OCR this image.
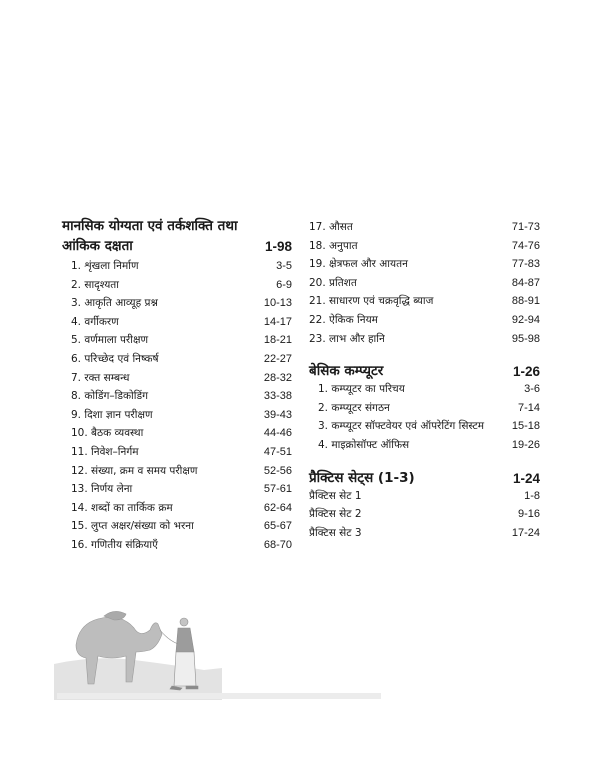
मानसिक योग्यता एवं तर्कशक्ति तथा
आंकिक दक्षता	1-98
1. शृंखला निर्माण	3-5
2. सादृश्यता	6-9
3. आकृति आव्यूह प्रश्न	10-13
4. वर्गीकरण	14-17
5. वर्णमाला परीक्षण	18-21
6. परिच्छेद एवं निष्कर्ष	22-27
7. रक्त सम्बन्ध	28-32
8. कोडिंग–डिकोडिंग	33-38
9. दिशा ज्ञान परीक्षण	39-43
10. बैठक व्यवस्था	44-46
11. निवेश–निर्गम	47-51
12. संख्या, क्रम व समय परीक्षण	52-56
13. निर्णय लेना	57-61
14. शब्दों का तार्किक क्रम	62-64
15. लुप्त अक्षर/संख्या को भरना	65-67
16. गणितीय संक्रियाएँ	68-70
17. औसत	71-73
18. अनुपात	74-76
19. क्षेत्रफल और आयतन	77-83
20. प्रतिशत	84-87
21. साधारण एवं चक्रवृद्धि ब्याज	88-91
22. ऐकिक नियम	92-94
23. लाभ और हानि	95-98
बेसिक कम्प्यूटर	1-26
1. कम्प्यूटर का परिचय	3-6
2. कम्प्यूटर संगठन	7-14
3. कम्प्यूटर सॉफ्टवेयर एवं ऑपरेटिंग सिस्टम	15-18
4. माइक्रोसॉफ्ट ऑफिस	19-26
प्रैक्टिस सेट्स (1-3)	1-24
प्रैक्टिस सेट 1	1-8
प्रैक्टिस सेट 2	9-16
प्रैक्टिस सेट 3	17-24
